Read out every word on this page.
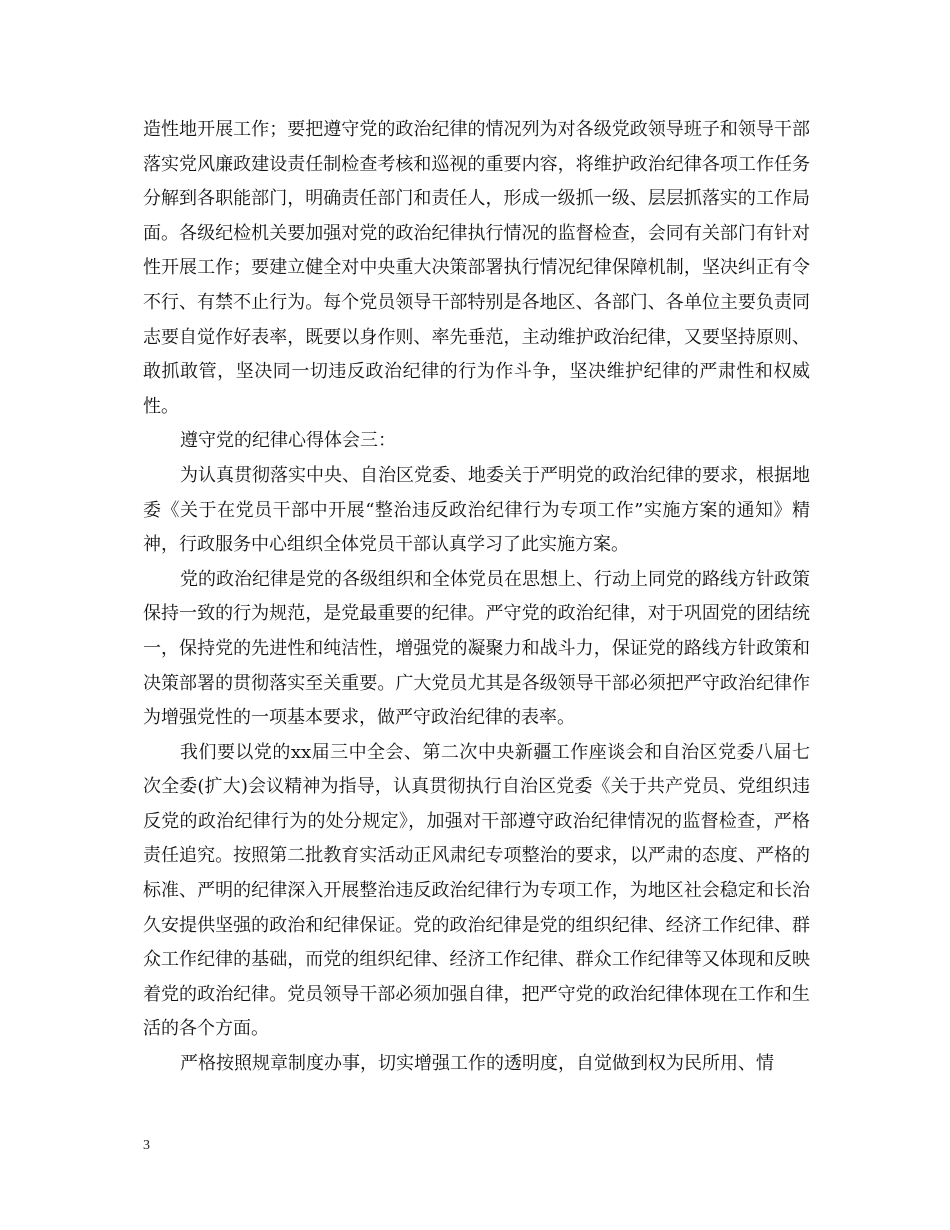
造性地开展工作；要把遵守党的政治纪律的情况列为对各级党政领导班子和领导干部落实党风廉政建设责任制检查考核和巡视的重要内容，将维护政治纪律各项工作任务分解到各职能部门，明确责任部门和责任人，形成一级抓一级、层层抓落实的工作局面。各级纪检机关要加强对党的政治纪律执行情况的监督检查，会同有关部门有针对性开展工作；要建立健全对中央重大决策部署执行情况纪律保障机制，坚决纠正有令不行、有禁不止行为。每个党员领导干部特别是各地区、各部门、各单位主要负责同志要自觉作好表率，既要以身作则、率先垂范，主动维护政治纪律，又要坚持原则、敢抓敢管，坚决同一切违反政治纪律的行为作斗争，坚决维护纪律的严肃性和权威性。

遵守党的纪律心得体会三：

为认真贯彻落实中央、自治区党委、地委关于严明党的政治纪律的要求，根据地委《关于在党员干部中开展“整治违反政治纪律行为专项工作”实施方案的通知》精神，行政服务中心组织全体党员干部认真学习了此实施方案。

党的政治纪律是党的各级组织和全体党员在思想上、行动上同党的路线方针政策保持一致的行为规范，是党最重要的纪律。严守党的政治纪律，对于巩固党的团结统一，保持党的先进性和纯洁性，增强党的凝聚力和战斗力，保证党的路线方针政策和决策部署的贯彻落实至关重要。广大党员尤其是各级领导干部必须把严守政治纪律作为增强党性的一项基本要求，做严守政治纪律的表率。

我们要以党的xx届三中全会、第二次中央新疆工作座谈会和自治区党委八届七次全委(扩大)会议精神为指导，认真贯彻执行自治区党委《关于共产党员、党组织违反党的政治纪律行为的处分规定》，加强对干部遵守政治纪律情况的监督检查，严格责任追究。按照第二批教育实活动正风肃纪专项整治的要求，以严肃的态度、严格的标准、严明的纪律深入开展整治违反政治纪律行为专项工作，为地区社会稳定和长治久安提供坚强的政治和纪律保证。党的政治纪律是党的组织纪律、经济工作纪律、群众工作纪律的基础，而党的组织纪律、经济工作纪律、群众工作纪律等又体现和反映着党的政治纪律。党员领导干部必须加强自律，把严守党的政治纪律体现在工作和生活的各个方面。

严格按照规章制度办事，切实增强工作的透明度，自觉做到权为民所用、情

3
